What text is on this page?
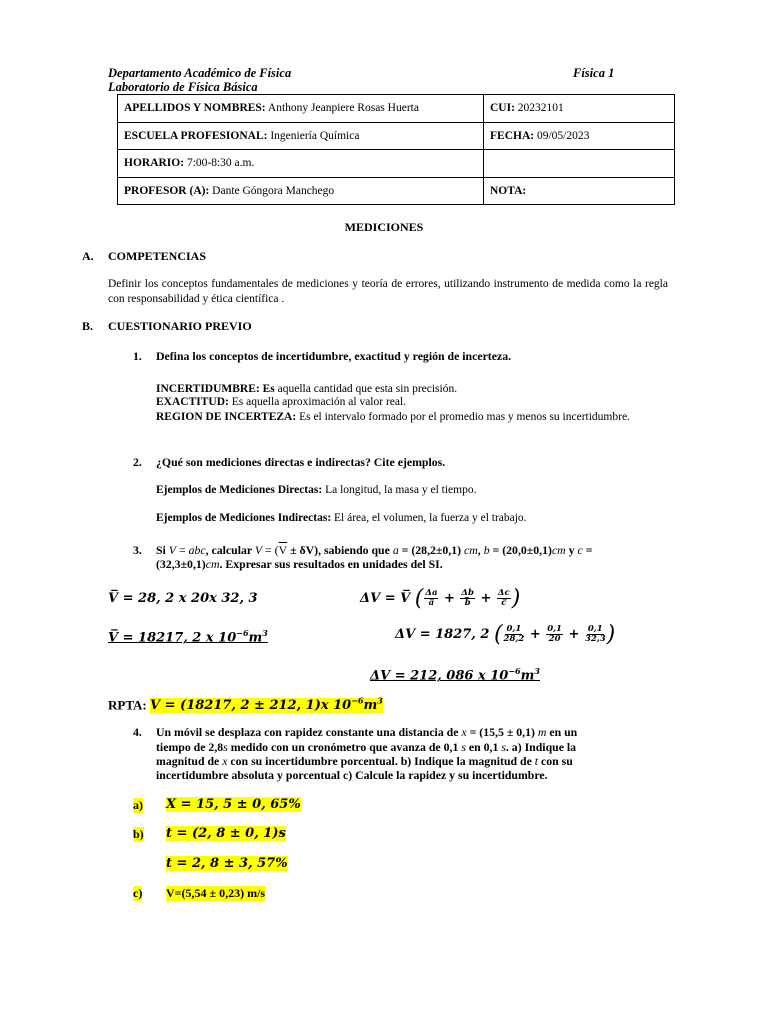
Departamento Académico de Física
Laboratorio de Física Básica
Física 1
APELLIDOS Y NOMBRES: Anthony Jeanpiere Rosas Huerta	CUI: 20232101
ESCUELA PROFESIONAL: Ingeniería Química	FECHA: 09/05/2023
HORARIO: 7:00-8:30 a.m.	
PROFESOR (A): Dante Góngora Manchego	NOTA:
MEDICIONES
A. COMPETENCIAS
Definir los conceptos fundamentales de mediciones y teoría de errores, utilizando instrumento de medida como la regla con responsabilidad y ética científica .
B. CUESTIONARIO PREVIO
1. Defina los conceptos de incertidumbre, exactitud y región de incerteza.
INCERTIDUMBRE: Es aquella cantidad que esta sin precisión.
EXACTITUD: Es aquella aproximación al valor real.
REGION DE INCERTEZA: Es el intervalo formado por el promedio mas y menos su incertidumbre.
2. ¿Qué son mediciones directas e indirectas? Cite ejemplos.
Ejemplos de Mediciones Directas: La longitud, la masa y el tiempo.
Ejemplos de Mediciones Indirectas: El área, el volumen, la fuerza y el trabajo.
3. Si V = abc, calcular $V = (\overline{V} \pm \delta V)$, sabiendo que a = (28,2±0,1) cm, b = (20,0±0,1)cm y c =
(32,3±0,1)cm. Expresar sus resultados en unidades del SI.
V̅ = 28, 2 x 20x 32, 3	ΔV = V̅ ( $\frac{\Delta a}{a̅} + \frac{\Delta b}{b̅} + \frac{\Delta c}{c̅}$ )
V̅ = 18217, 2 x $10^{-6}m^3$	ΔV = 1827, 2 ( $\frac{0,1}{28,2} + \frac{0,1}{20} + \frac{0,1}{32,3}$ )
ΔV = 212, 086 x $10^{-6}m^3$
RPTA: V = (18217, 2 ± 212, 1)x $10^{-6}m^3$
4. Un móvil se desplaza con rapidez constante una distancia de x = (15,5 ± 0,1) m en un
tiempo de 2,8s medido con un cronómetro que avanza de 0,1 s en 0,1 s. a) Indique la
magnitud de x con su incertidumbre porcentual. b) Indique la magnitud de t con su
incertidumbre absoluta y porcentual c) Calcule la rapidez y su incertidumbre.
a) X = 15, 5 ± 0, 65%
b) t = (2, 8 ± 0, 1)s
t = 2, 8 ± 3, 57%
c) V=(5,54 ± 0,23) m/s
